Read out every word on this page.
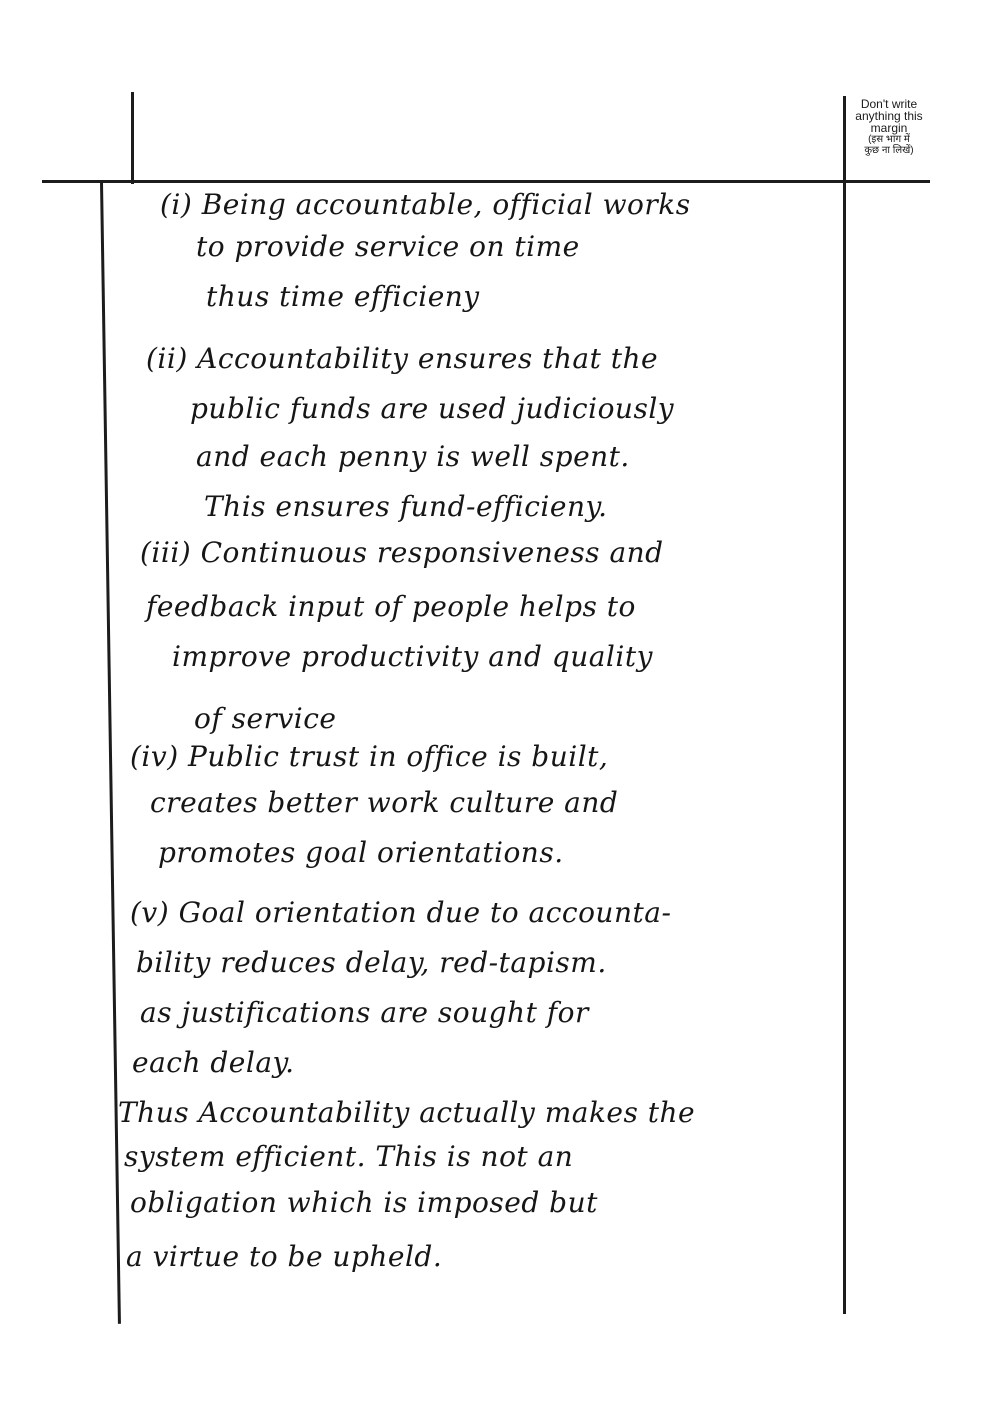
Don't write
anything this
margin
(इस भाग में
कुछ ना लिखें)
(i) Being accountable, official works
to provide service on time
thus time efficieny
(ii) Accountability ensures that the
public funds are used judiciously
and each penny is well spent.
This ensures fund-efficieny.
(iii) Continuous responsiveness and
feedback input of people helps to
improve productivity and quality
of service
(iv) Public trust in office is built,
creates better work culture and
promotes goal orientations.
(v) Goal orientation due to accounta-
bility reduces delay, red-tapism.
as justifications are sought for
each delay.
Thus Accountability actually makes the
system efficient. This is not an
obligation which is imposed but
a virtue to be upheld.
